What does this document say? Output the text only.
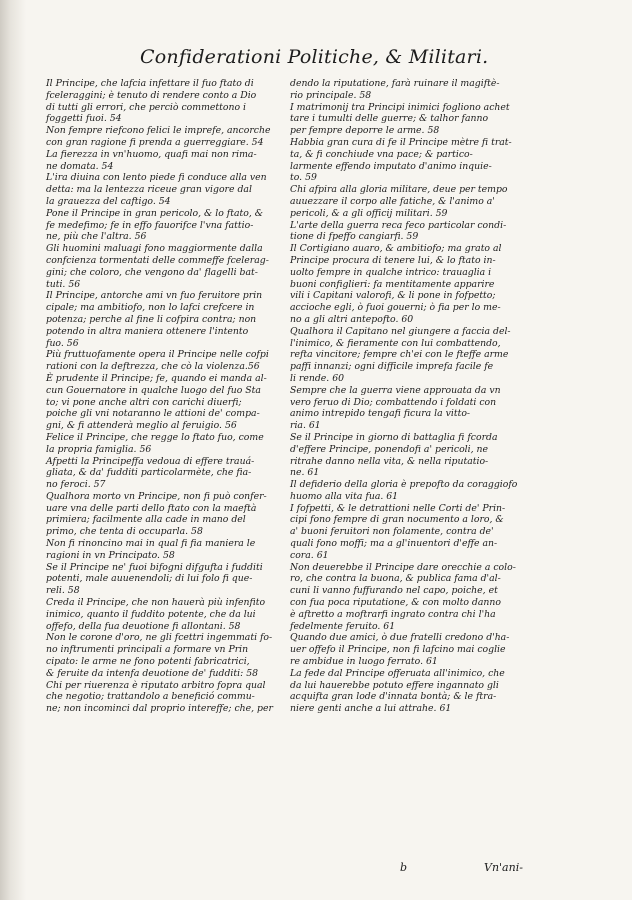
Confiderationi Politiche, & Militari.
Il Principe, che lafcia infettare il fuo ftato di
fceleraggini; è tenuto di rendere conto a Dio
di tutti gli errori, che perciò commettono i
foggetti fuoi. 54
Non fempre riefcono felici le imprefe, ancorche
con gran ragione fi prenda a guerreggiare. 54
La fierezza in vn'huomo, quafi mai non rima-
ne domata. 54
L'ira diuina con lento piede fi conduce alla ven
detta: ma la lentezza riceue gran vigore dal
la grauezza del caftigo. 54
Pone il Principe in gran pericolo, & lo ftato, &
fe medefimo; fe in effo fauorifce l'vna fattio-
ne, più che l'altra. 56
Gli huomini maluagi fono maggiormente dalla
confcienza tormentati delle commeffe fcelerag-
gini; che coloro, che vengono da' flagelli bat-
tuti. 56
Il Principe, antorche ami vn fuo feruitore prin
cipale; ma ambitiofo, non lo lafci crefcere in
potenza; perche al fine li cofpira contra; non
potendo in altra maniera ottenere l'intento
fuo. 56
Più fruttuofamente opera il Principe nelle cofpi
rationi con la deftrezza, che cò la violenza.56
È prudente il Principe; fe, quando ei manda al-
cun Gouernatore in qualche luogo del fuo Sta
to; vi pone anche altri con carichi diuerfi;
poiche gli vni notaranno le attioni de' compa-
gni, & fi attenderà meglio al feruigio. 56
Felice il Principe, che regge lo ftato fuo, come
la propria famiglia. 56
Afpetti la Principeffa vedoua di effere trauá-
gliata, & da' fudditi particolarmète, che fia-
no feroci. 57
Qualhora morto vn Principe, non fi può confer-
uare vna delle parti dello ftato con la maeftà
primiera; facilmente alla cade in mano del
primo, che tenta di occuparla. 58
Non fi rinoncino mai in qual fi fia maniera le
ragioni in vn Principato. 58
Se il Principe ne' fuoi bifogni difgufta i fudditi
potenti, male auuenendoli; di lui folo fi que-
reli. 58
Creda il Principe, che non hauerà più infenfito
inimico, quanto il fuddito potente, che da lui
offefo, della fua deuotione fi allontani. 58
Non le corone d'oro, ne gli fcettri ingemmati fo-
no inftrumenti principali a formare vn Prin
cipato: le arme ne fono potenti fabricatrici,
& feruite da intenfa deuotione de' fudditi: 58
Chi per riuerenza è riputato arbitro fopra qual
che negotio; trattandolo a benefició commu-
ne; non incominci dal proprio intereffe; che, per
dendo la riputatione, farà ruinare il magiftè-
rio principale. 58
I matrimonij tra Principi inimici fogliono achet
tare i tumulti delle guerre; & talhor fanno
per fempre deporre le arme. 58
Habbia gran cura di fe il Principe mètre fi trat-
ta, & fi conchiude vna pace; & partico-
larmente effendo imputato d'animo inquie-
to. 59
Chi afpira alla gloria militare, deue per tempo
auuezzare il corpo alle fatiche, & l'animo a'
pericoli, & a gli officij militari. 59
L'arte della guerra reca feco particolar condi-
tione di fpeffo cangiarfi. 59
Il Cortigiano auaro, & ambitiofo; ma grato al
Principe procura di tenere lui, & lo ftato in-
uolto fempre in qualche intrico: trauaglia i
buoni configlieri: fa mentitamente apparire
vili i Capitani valorofi, & li pone in fofpetto;
accioche egli, ò fuoi gouerni; ò fia per lo me-
no a gli altri antepofto. 60
Qualhora il Capitano nel giungere a faccia del-
l'inimico, & fieramente con lui combattendo,
refta vincitore; fempre ch'ei con le fteffe arme
paffi innanzi; ogni difficile imprefa facile fe
li rende. 60
Sempre che la guerra viene approuata da vn
vero feruo di Dio; combattendo i foldati con
animo intrepido tengafi ficura la vitto-
ria. 61
Se il Principe in giorno di battaglia fi fcorda
d'effere Principe, ponendofi a' pericoli, ne
ritrahe danno nella vita, & nella riputatio-
ne. 61
Il defiderio della gloria è prepofto da coraggiofo
huomo alla vita fua. 61
I fofpetti, & le detrattioni nelle Corti de' Prin-
cipi fono fempre di gran nocumento a loro, &
a' buoni feruitori non folamente, contra de'
quali fono moffi; ma a gl'inuentori d'effe an-
cora. 61
Non deuerebbe il Principe dare orecchie a colo-
ro, che contra la buona, & publica fama d'al-
cuni li vanno fuffurando nel capo, poiche, et
con fua poca riputatione, & con molto danno
è aftretto a moftrarfi ingrato contra chi l'ha
fedelmente feruito. 61
Quando due amici, ò due fratelli credono d'ha-
uer offefo il Principe, non fi lafcino mai coglie
re ambidue in luogo ferrato. 61
La fede dal Principe offeruata all'inimico, che
da lui hauerebbe potuto effere ingannato gli
acquifta gran lode d'innata bontà; & le ftra-
niere genti anche a lui attrahe. 61
b	Vn'ani-
